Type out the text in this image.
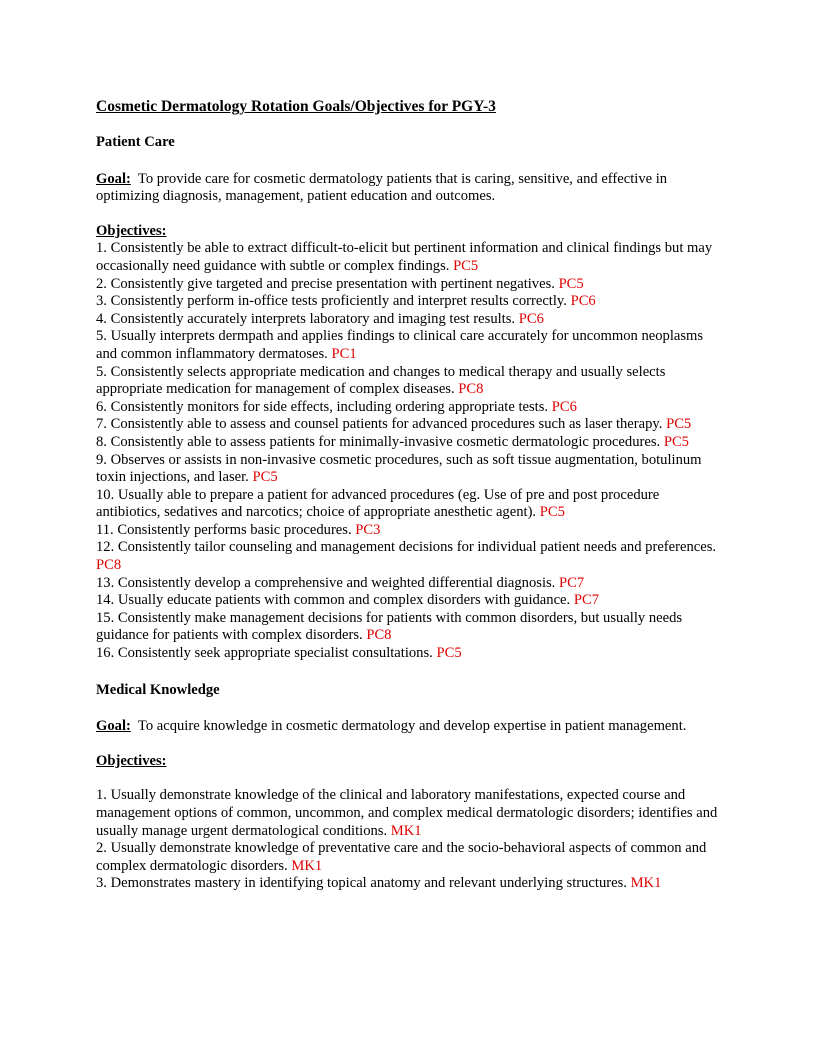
Cosmetic Dermatology Rotation Goals/Objectives for PGY-3
Patient Care
Goal: To provide care for cosmetic dermatology patients that is caring, sensitive, and effective in optimizing diagnosis, management, patient education and outcomes.
Objectives:
1. Consistently be able to extract difficult-to-elicit but pertinent information and clinical findings but may occasionally need guidance with subtle or complex findings. PC5
2. Consistently give targeted and precise presentation with pertinent negatives. PC5
3. Consistently perform in-office tests proficiently and interpret results correctly. PC6
4. Consistently accurately interprets laboratory and imaging test results. PC6
5. Usually interprets dermpath and applies findings to clinical care accurately for uncommon neoplasms and common inflammatory dermatoses. PC1
5. Consistently selects appropriate medication and changes to medical therapy and usually selects appropriate medication for management of complex diseases. PC8
6. Consistently monitors for side effects, including ordering appropriate tests. PC6
7. Consistently able to assess and counsel patients for advanced procedures such as laser therapy. PC5
8. Consistently able to assess patients for minimally-invasive cosmetic dermatologic procedures. PC5
9. Observes or assists in non-invasive cosmetic procedures, such as soft tissue augmentation, botulinum toxin injections, and laser. PC5
10. Usually able to prepare a patient for advanced procedures (eg. Use of pre and post procedure antibiotics, sedatives and narcotics; choice of appropriate anesthetic agent). PC5
11. Consistently performs basic procedures. PC3
12. Consistently tailor counseling and management decisions for individual patient needs and preferences. PC8
13. Consistently develop a comprehensive and weighted differential diagnosis. PC7
14. Usually educate patients with common and complex disorders with guidance. PC7
15. Consistently make management decisions for patients with common disorders, but usually needs guidance for patients with complex disorders. PC8
16. Consistently seek appropriate specialist consultations. PC5
Medical Knowledge
Goal: To acquire knowledge in cosmetic dermatology and develop expertise in patient management.
Objectives:
1. Usually demonstrate knowledge of the clinical and laboratory manifestations, expected course and management options of common, uncommon, and complex medical dermatologic disorders; identifies and usually manage urgent dermatological conditions. MK1
2. Usually demonstrate knowledge of preventative care and the socio-behavioral aspects of common and complex dermatologic disorders. MK1
3. Demonstrates mastery in identifying topical anatomy and relevant underlying structures. MK1
